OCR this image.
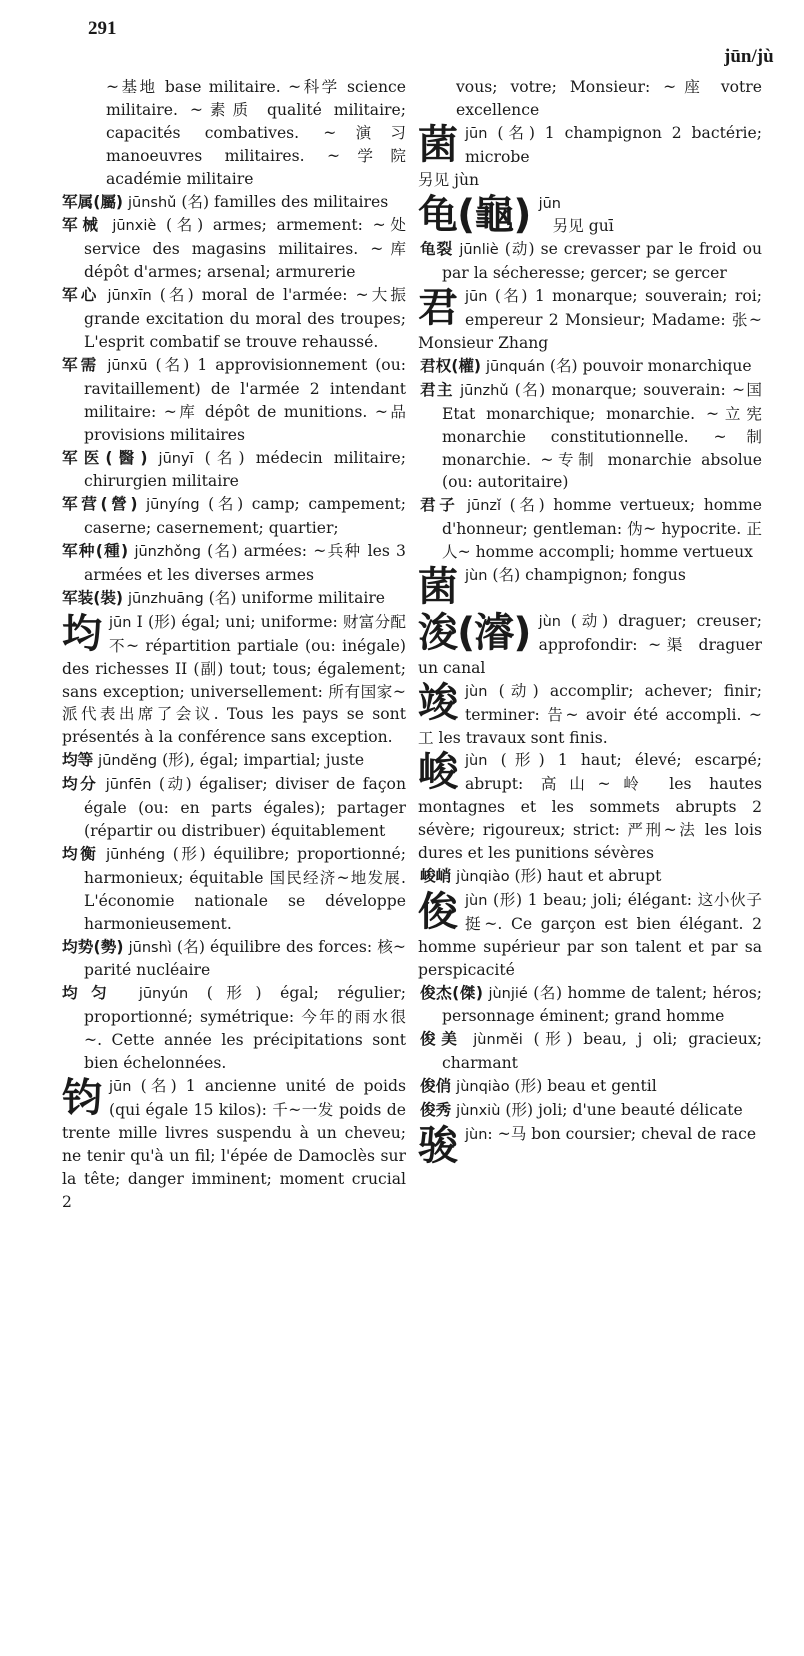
291
jūn/jù

~基地 base militaire. ~科学 science militaire. ~素质 qualité militaire; capacités combatives. ~演习 manoeuvres militaires. ~学院 académie militaire

军属(屬) jūnshǔ (名) familles des militaires

军械 jūnxiè (名) armes; armement: ~处 service des magasins militaires. ~库 dépôt d'armes; arsenal; armurerie

军心 jūnxīn (名) moral de l'armée: ~大振 grande excitation du moral des troupes; L'esprit combatif se trouve rehaussé.

军需 jūnxū (名) 1 approvisionnement (ou: ravitaillement) de l'armée 2 intendant militaire: ~库 dépôt de munitions. ~品 provisions militaires

军医(醫) jūnyī (名) médecin militaire; chirurgien militaire

军营(營) jūnyíng (名) camp; campement; caserne; casernement; quartier;

军种(種) jūnzhǒng (名) armées: ~兵种 les 3 armées et les diverses armes

军装(裝) jūnzhuāng (名) uniforme militaire

均 jūn I (形) égal; uni; uniforme: 财富分配不~ répartition partiale (ou: inégale) des richesses II (副) tout; tous; également; sans exception; universellement: 所有国家~派代表出席了会议. Tous les pays se sont présentés à la conférence sans exception.

均等 jūnděng (形), égal; impartial; juste

均分 jūnfēn (动) égaliser; diviser de façon égale (ou: en parts égales); partager (répartir ou distribuer) équitablement

均衡 jūnhéng (形) équilibre; proportionné; harmonieux; équitable 国民经济~地发展. L'économie nationale se développe harmonieusement.

均势(勢) jūnshì (名) équilibre des forces: 核~ parité nucléaire

均匀 jūnyún (形) égal; régulier; proportionné; symétrique: 今年的雨水很~. Cette année les précipitations sont bien échelonnées.

钧 jūn (名) 1 ancienne unité de poids (qui égale 15 kilos): 千~一发 poids de trente mille livres suspendu à un cheveu; ne tenir qu'à un fil; l'épée de Damoclès sur la tête; danger imminent; moment crucial 2

vous; votre; Monsieur: ~座 votre excellence

菌 jūn (名) 1 champignon 2 bactérie; microbe
另见 jùn

龟(龜) jūn
另见 guī

龟裂 jūnliè (动) se crevasser par le froid ou par la sécheresse; gercer; se gercer

君 jūn (名) 1 monarque; souverain; roi; empereur 2 Monsieur; Madame: 张~ Monsieur Zhang

君权(權) jūnquán (名) pouvoir monarchique

君主 jūnzhǔ (名) monarque; souverain: ~国 Etat monarchique; monarchie. ~立宪 monarchie constitutionnelle. ~制 monarchie. ~专制 monarchie absolue (ou: autoritaire)

君子 jūnzǐ (名) homme vertueux; homme d'honneur; gentleman: 伪~ hypocrite. 正人~ homme accompli; homme vertueux

菌 jùn (名) champignon; fongus

浚(濬) jùn (动) draguer; creuser; approfondir: ~渠 draguer un canal

竣 jùn (动) accomplir; achever; finir; terminer: 告~ avoir été accompli. ~工 les travaux sont finis.

峻 jùn (形) 1 haut; élevé; escarpé; abrupt: 高山~岭 les hautes montagnes et les sommets abrupts 2 sévère; rigoureux; strict: 严刑~法 les lois dures et les punitions sévères

峻峭 jùnqiào (形) haut et abrupt

俊 jùn (形) 1 beau; joli; élégant: 这小伙子挺~. Ce garçon est bien élégant. 2 homme supérieur par son talent et par sa perspicacité

俊杰(傑) jùnjié (名) homme de talent; héros; personnage éminent; grand homme

俊美 jùnměi (形) beau, j oli; gracieux; charmant

俊俏 jùnqiào (形) beau et gentil

俊秀 jùnxiù (形) joli; d'une beauté délicate

骏 jùn: ~马 bon coursier; cheval de race
